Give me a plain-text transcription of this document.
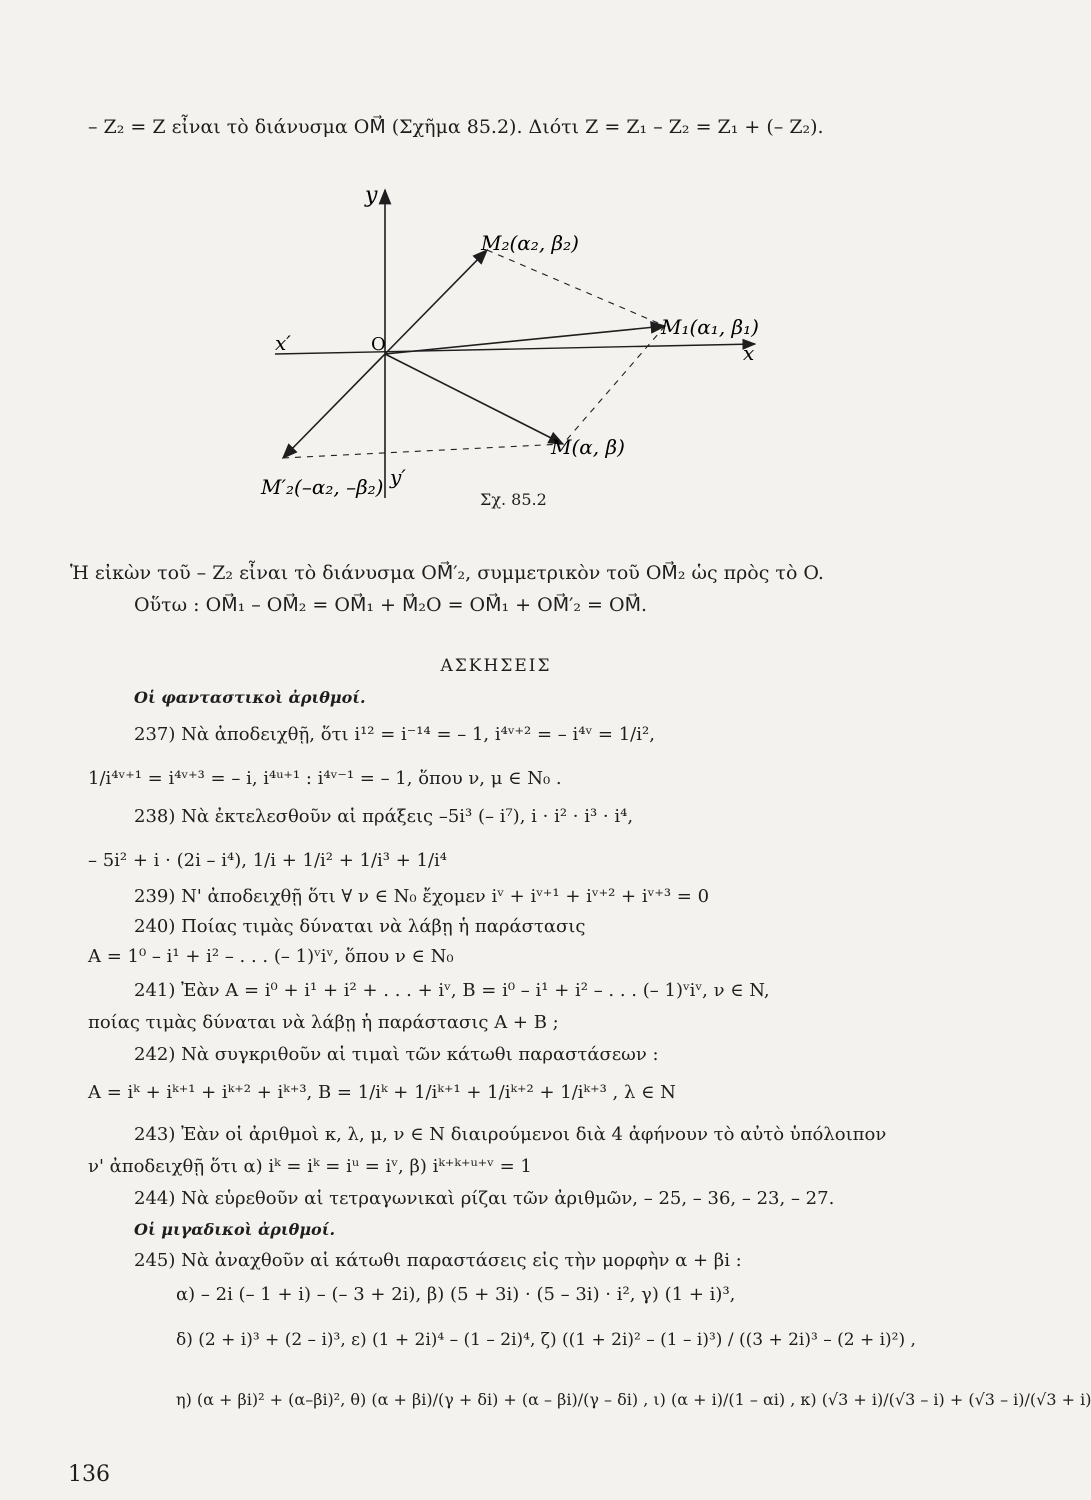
– Z₂ = Z εἶναι τὸ διάνυσμα OM⃗ (Σχῆμα 85.2). Διότι Z = Z₁ – Z₂ = Z₁ + (– Z₂).
y
y′
x
x′	O
M₁(α₁, β₁)
M₂(α₂, β₂)
M(α, β)
M′₂(–α₂, –β₂)
Σχ. 85.2
Ἡ εἰκὼν τοῦ – Z₂ εἶναι τὸ διάνυσμα OM⃗′₂, συμμετρικὸν τοῦ OM⃗₂ ὡς πρὸς τὸ O.
Οὕτω : OM⃗₁ – OM⃗₂ = OM⃗₁ + M⃗₂O = OM⃗₁ + OM⃗′₂ = OM⃗.
ΑΣΚΗΣΕΙΣ
Οἱ φανταστικοὶ ἀριθμοί.
237) Νὰ ἀποδειχθῇ, ὅτι i¹² = i⁻¹⁴ = – 1, i⁴ᵛ⁺² = – i⁴ᵛ = 1/i²,
1/i⁴ᵛ⁺¹ = i⁴ᵛ⁺³ = – i, i⁴ᵘ⁺¹ : i⁴ᵛ⁻¹ = – 1, ὅπου ν, μ ∈ N₀ .
238) Νὰ ἐκτελεσθοῦν αἱ πράξεις –5i³ (– i⁷), i · i² · i³ · i⁴,
– 5i² + i · (2i – i⁴), 1/i + 1/i² + 1/i³ + 1/i⁴
239) Ν' ἀποδειχθῇ ὅτι ∀ ν ∈ N₀ ἔχομεν iᵛ + iᵛ⁺¹ + iᵛ⁺² + iᵛ⁺³ = 0
240) Ποίας τιμὰς δύναται νὰ λάβῃ ἡ παράστασις
A = 1⁰ – i¹ + i² – . . . (– 1)ᵛiᵛ, ὅπου ν ∈ N₀
241) Ἐὰν A = i⁰ + i¹ + i² + . . . + iᵛ, B = i⁰ – i¹ + i² – . . . (– 1)ᵛiᵛ, ν ∈ N,
ποίας τιμὰς δύναται νὰ λάβῃ ἡ παράστασις A + B ;
242) Νὰ συγκριθοῦν αἱ τιμαὶ τῶν κάτωθι παραστάσεων :
A = iᵏ + iᵏ⁺¹ + iᵏ⁺² + iᵏ⁺³, B = 1/iᵏ + 1/iᵏ⁺¹ + 1/iᵏ⁺² + 1/iᵏ⁺³ , λ ∈ N
243) Ἐὰν οἱ ἀριθμοὶ κ, λ, μ, ν ∈ N διαιρούμενοι διὰ 4 ἀφήνουν τὸ αὐτὸ ὑπόλοιπον
ν' ἀποδειχθῇ ὅτι α) iᵏ = iᵏ = iᵘ = iᵛ, β) iᵏ⁺ᵏ⁺ᵘ⁺ᵛ = 1
244) Νὰ εὑρεθοῦν αἱ τετραγωνικαὶ ρίζαι τῶν ἀριθμῶν, – 25, – 36, – 23, – 27.
Οἱ μιγαδικοὶ ἀριθμοί.
245) Νὰ ἀναχθοῦν αἱ κάτωθι παραστάσεις εἰς τὴν μορφὴν α + βi :
α) – 2i (– 1 + i) – (– 3 + 2i), β) (5 + 3i) · (5 – 3i) · i², γ) (1 + i)³,
δ) (2 + i)³ + (2 – i)³, ε) (1 + 2i)⁴ – (1 – 2i)⁴, ζ) ((1 + 2i)² – (1 – i)³) / ((3 + 2i)³ – (2 + i)²) ,
η) (α + βi)² + (α–βi)², θ) (α + βi)/(γ + δi) + (α – βi)/(γ – δi) , ι) (α + i)/(1 – αi) , κ) (√3 + i)/(√3 – i) + (√3 – i)/(√3 + i)
136
